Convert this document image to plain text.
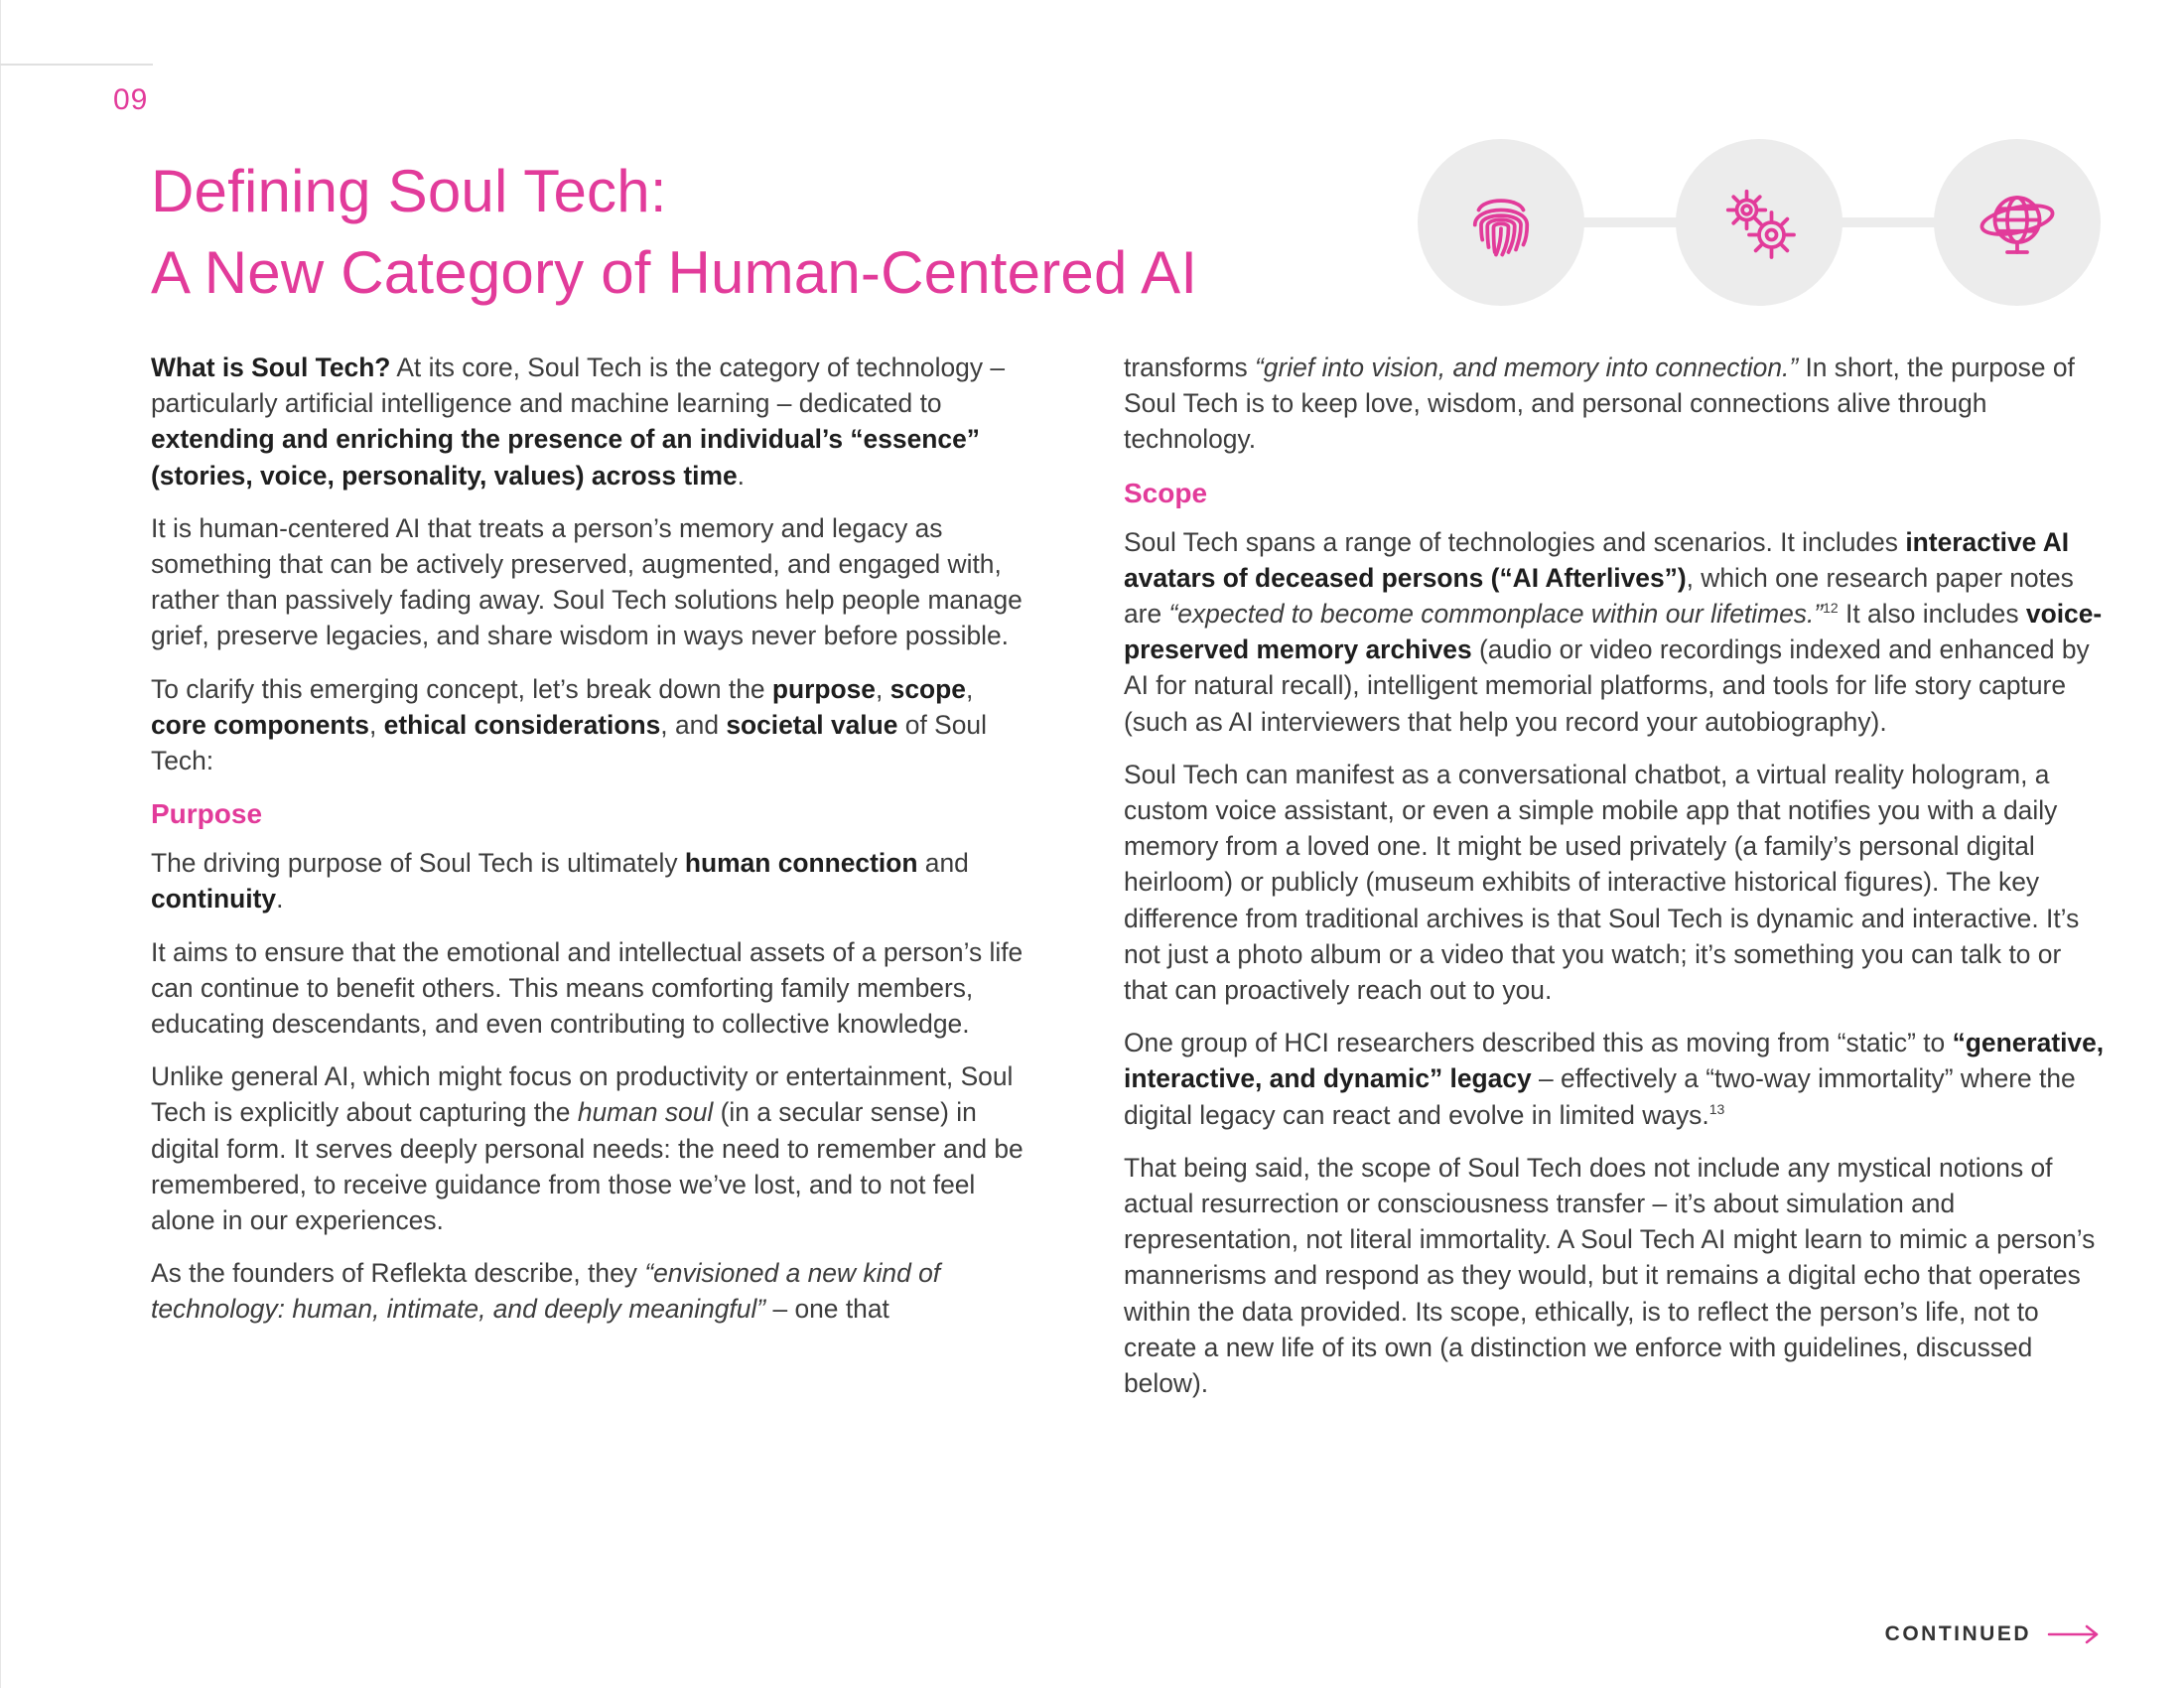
09
Defining Soul Tech:
A New Category of Human-Centered AI

What is Soul Tech? At its core, Soul Tech is the category of technology – particularly artificial intelligence and machine learning – dedicated to extending and enriching the presence of an individual’s “essence” (stories, voice, personality, values) across time.

It is human-centered AI that treats a person’s memory and legacy as something that can be actively preserved, augmented, and engaged with, rather than passively fading away. Soul Tech solutions help people manage grief, preserve legacies, and share wisdom in ways never before possible.

To clarify this emerging concept, let’s break down the purpose, scope, core components, ethical considerations, and societal value of Soul Tech:

Purpose

The driving purpose of Soul Tech is ultimately human connection and continuity.

It aims to ensure that the emotional and intellectual assets of a person’s life can continue to benefit others. This means comforting family members, educating descendants, and even contributing to collective knowledge.

Unlike general AI, which might focus on productivity or entertainment, Soul Tech is explicitly about capturing the human soul (in a secular sense) in digital form. It serves deeply personal needs: the need to remember and be remembered, to receive guidance from those we’ve lost, and to not feel alone in our experiences.

As the founders of Reflekta describe, they “envisioned a new kind of technology: human, intimate, and deeply meaningful” – one that

transforms “grief into vision, and memory into connection.” In short, the purpose of Soul Tech is to keep love, wisdom, and personal connections alive through technology.

Scope

Soul Tech spans a range of technologies and scenarios. It includes interactive AI avatars of deceased persons (“AI Afterlives”), which one research paper notes are “expected to become commonplace within our lifetimes.”$^{12}$ It also includes voice-preserved memory archives (audio or video recordings indexed and enhanced by AI for natural recall), intelligent memorial platforms, and tools for life story capture (such as AI interviewers that help you record your autobiography).

Soul Tech can manifest as a conversational chatbot, a virtual reality hologram, a custom voice assistant, or even a simple mobile app that notifies you with a daily memory from a loved one. It might be used privately (a family’s personal digital heirloom) or publicly (museum exhibits of interactive historical figures). The key difference from traditional archives is that Soul Tech is dynamic and interactive. It’s not just a photo album or a video that you watch; it’s something you can talk to or that can proactively reach out to you.

One group of HCI researchers described this as moving from “static” to “generative, interactive, and dynamic” legacy – effectively a “two-way immortality” where the digital legacy can react and evolve in limited ways.$^{13}$

That being said, the scope of Soul Tech does not include any mystical notions of actual resurrection or consciousness transfer – it’s about simulation and representation, not literal immortality. A Soul Tech AI might learn to mimic a person’s mannerisms and respond as they would, but it remains a digital echo that operates within the data provided. Its scope, ethically, is to reflect the person’s life, not to create a new life of its own (a distinction we enforce with guidelines, discussed below).

CONTINUED
